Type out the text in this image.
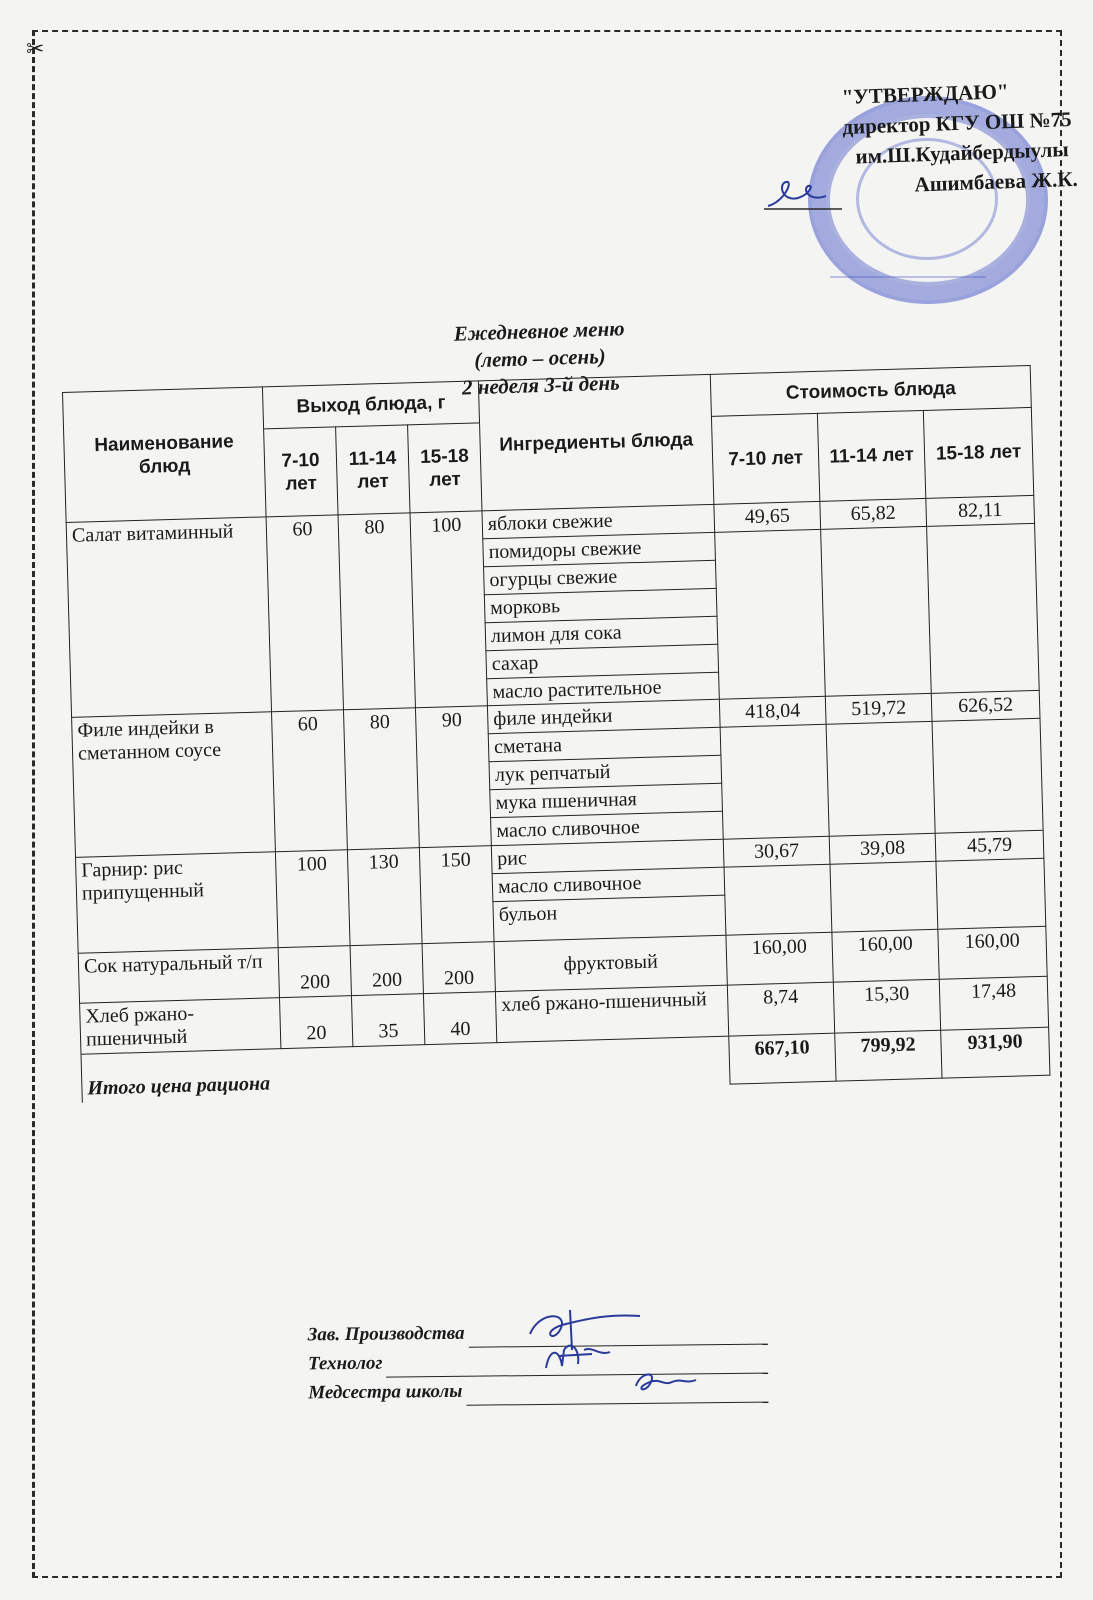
✂
"УТВЕРЖДАЮ"
директор КГУ ОШ №75
им.Ш.Кудайбердыулы
Ашимбаева Ж.К.
Ежедневное меню
(лето – осень)
2 неделя 3-й день
Наименование блюд	Выход блюда, г			Ингредиенты блюда	Стоимость блюда		
	7-10 лет	11-14 лет	15-18 лет		7-10 лет	11-14 лет	15-18 лет
Салат витаминный	60	80	100	яблоки свежие	49,65	65,82	82,11
				помидоры свежие			
				огурцы свежие			
				морковь			
				лимон для сока			
				сахар			
				масло растительное			
Филе индейки в сметанном соусе	60	80	90	филе индейки	418,04	519,72	626,52
				сметана			
				лук репчатый			
				мука пшеничная			
				масло сливочное			
Гарнир: рис припущенный	100	130	150	рис	30,67	39,08	45,79
				масло сливочное			
				бульон			
Сок натуральный т/п	200	200	200	фруктовый	160,00	160,00	160,00
Хлеб ржано-пшеничный	20	35	40	хлеб ржано-пшеничный	8,74	15,30	17,48
Итого цена рациона					667,10	799,92	931,90
Зав. Производства
Технолог
Медсестра школы
